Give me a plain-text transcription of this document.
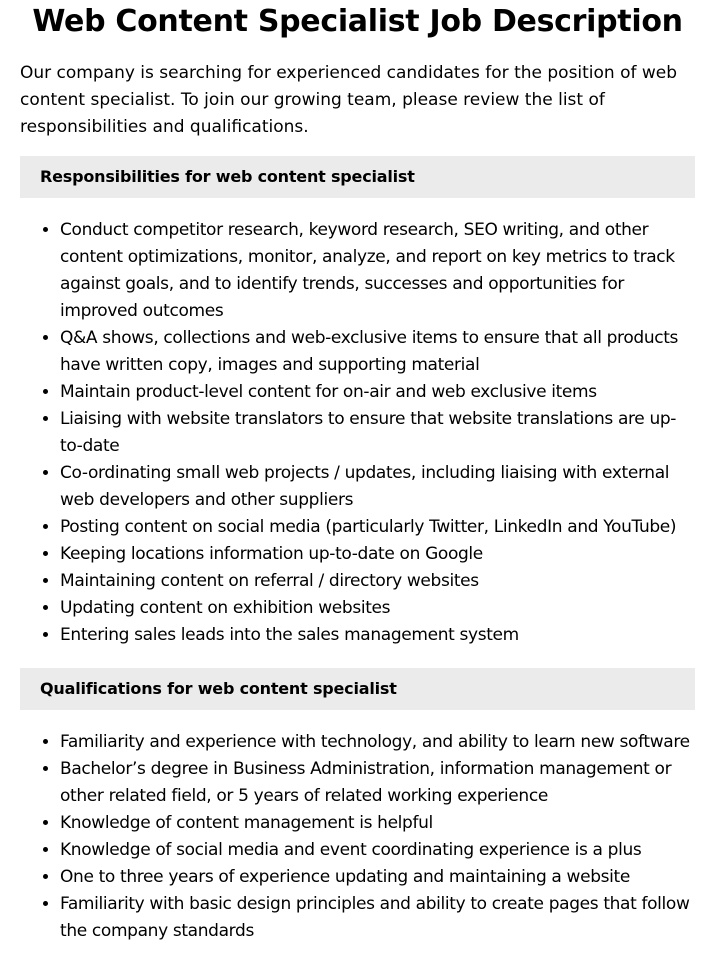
Web Content Specialist Job Description

Our company is searching for experienced candidates for the position of web content specialist. To join our growing team, please review the list of responsibilities and qualifications.

Responsibilities for web content specialist
• Conduct competitor research, keyword research, SEO writing, and other content optimizations, monitor, analyze, and report on key metrics to track against goals, and to identify trends, successes and opportunities for improved outcomes
• Q&A shows, collections and web-exclusive items to ensure that all products have written copy, images and supporting material
• Maintain product-level content for on-air and web exclusive items
• Liaising with website translators to ensure that website translations are up-to-date
• Co-ordinating small web projects / updates, including liaising with external web developers and other suppliers
• Posting content on social media (particularly Twitter, LinkedIn and YouTube)
• Keeping locations information up-to-date on Google
• Maintaining content on referral / directory websites
• Updating content on exhibition websites
• Entering sales leads into the sales management system
Qualifications for web content specialist
• Familiarity and experience with technology, and ability to learn new software
• Bachelor’s degree in Business Administration, information management or other related field, or 5 years of related working experience
• Knowledge of content management is helpful
• Knowledge of social media and event coordinating experience is a plus
• One to three years of experience updating and maintaining a website
• Familiarity with basic design principles and ability to create pages that follow the company standards
